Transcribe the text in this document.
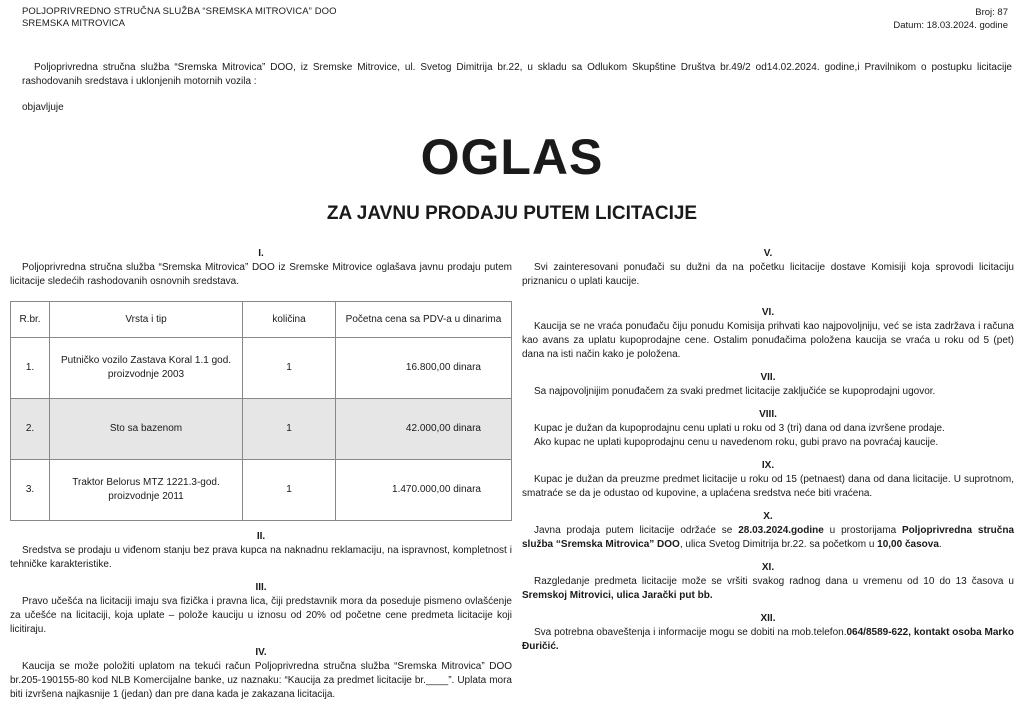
POLJOPRIVREDNO STRUČNA SLUŽBA “SREMSKA MITROVICA” DOO
SREMSKA MITROVICA
Broj: 87
Datum: 18.03.2024. godine
Poljoprivredna stručna služba “Sremska Mitrovica” DOO, iz Sremske Mitrovice, ul. Svetog Dimitrija br.22, u skladu sa Odlukom Skupštine Društva br.49/2 od14.02.2024. godine,i Pravilnikom o postupku licitacije rashodovanih sredstava i uklonjenih motornih vozila :
objavljuje
OGLAS
ZA JAVNU PRODAJU PUTEM LICITACIJE
I.
Poljoprivredna stručna služba “Sremska Mitrovica” DOO iz Sremske Mitrovice oglašava javnu prodaju putem licitacije sledećih rashodovanih osnovnih sredstava.
R.br.	Vrsta i tip	količina	Početna cena sa PDV-a u dinarima
1.	Putničko vozilo Zastava Koral 1.1 god. proizvodnje 2003	1	16.800,00 dinara
2.	Sto sa bazenom	1	42.000,00 dinara
3.	Traktor Belorus MTZ 1221.3-god. proizvodnje 2011	1	1.470.000,00 dinara
II.
Sredstva se prodaju u viđenom stanju bez prava kupca na naknadnu reklamaciju, na ispravnost, kompletnost i tehničke karakteristike.
III.
Pravo učešća na licitaciji imaju sva fizička i pravna lica, čiji predstavnik mora da poseduje pismeno ovlašćenje za učešće na licitaciji, koja uplate – polože kauciju u iznosu od 20% od početne cene predmeta licitacije koji licitiraju.
IV.
Kaucija se može položiti uplatom na tekući račun Poljoprivredna stručna služba “Sremska Mitrovica” DOO br.205-190155-80 kod NLB Komercijalne banke, uz naznaku: “Kaucija za predmet licitacije br.____”. Uplata mora biti izvršena najkasnije 1 (jedan) dan pre dana kada je zakazana licitacija.
V.
Svi zainteresovani ponuđači su dužni da na početku licitacije dostave Komisiji koja sprovodi licitaciju priznanicu o uplati kaucije.
VI.
Kaucija se ne vraća ponuđaču čiju ponudu Komisija prihvati kao najpovoljniju, već se ista zadržava i računa kao avans za uplatu kupoprodajne cene. Ostalim ponuđačima položena kaucija se vraća u roku od 5 (pet) dana na isti način kako je položena.
VII.
Sa najpovoljnijim ponuđačem za svaki predmet licitacije zaključiće se kupoprodajni ugovor.
VIII.
Kupac je dužan da kupoprodajnu cenu uplati u roku od 3 (tri) dana od dana izvršene prodaje.
Ako kupac ne uplati kupoprodajnu cenu u navedenom roku, gubi pravo na povraćaj kaucije.
IX.
Kupac je dužan da preuzme predmet licitacije u roku od 15 (petnaest) dana od dana licitacije. U suprotnom, smatraće se da je odustao od kupovine, a uplaćena sredstva neće biti vraćena.
X.
Javna prodaja putem licitacije održaće se 28.03.2024.godine u prostorijama Poljoprivredna stručna služba “Sremska Mitrovica” DOO, ulica Svetog Dimitrija br.22. sa početkom u 10,00 časova.
XI.
Razgledanje predmeta licitacije može se vršiti svakog radnog dana u vremenu od 10 do 13 časova u Sremskoj Mitrovici, ulica Jarački put bb.
XII.
Sva potrebna obaveštenja i informacije mogu se dobiti na mob.telefon.064/8589-622, kontakt osoba Marko Đuričić.
